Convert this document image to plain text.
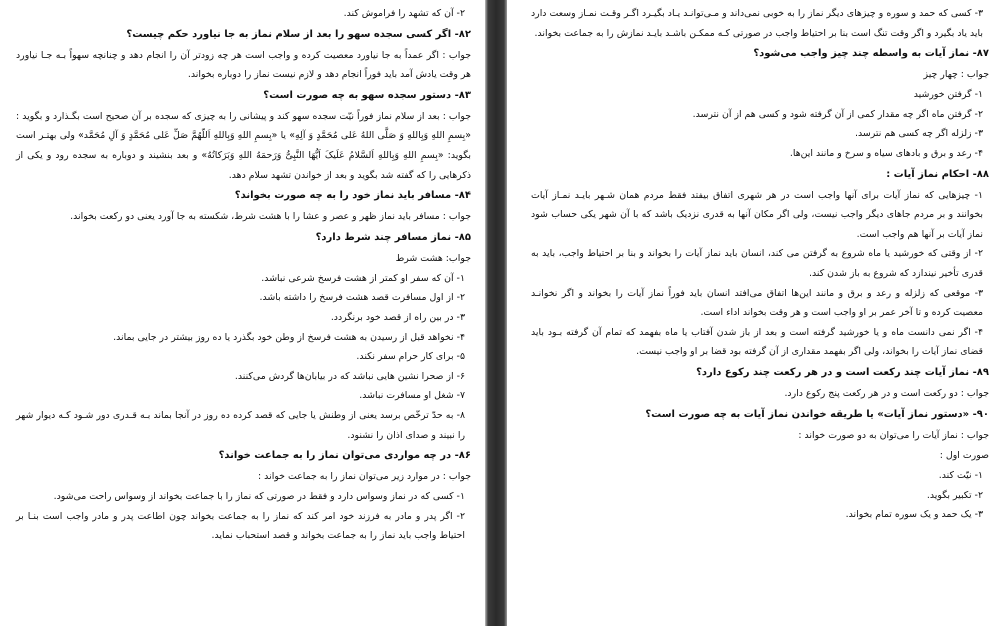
۲- آن که تشهد را فراموش کند.

۸۲- اگر کسی سجده سهو را بعد از سلام نماز به جا نیاورد حکم چیست؟

جواب : اگر عمداً به جا نیاورد معصیت کرده و واجب است هر چه زودتر آن را انجام دهد و چنانچه سهواً بـه جـا نیاورد هر وقت یادش آمد باید فوراً انجام دهد و لازم نیست نماز را دوباره بخواند.

۸۳- دستور سجده سهو به چه صورت است؟

جواب : بعد از سلام نماز فوراً نیّت سجده سهو کند و پیشانی را به چیزی که سجده بر آن صحیح است بگـذارد و بگوید : «بِسمِ اللهِ وَبِاللهِ وَ صَلَّی اللهُ عَلی مُحَمَّدٍ وَ آلِهِ» یا «بِسمِ اللهِ وَبِاللهِ اَللّهُمَّ صَلِّ عَلی مُحَمَّدٍ وَ آلِ مُحَمَّد» ولی بهتـر است بگوید: «بِسمِ اللهِ وَبِاللهِ اَلسَّلامُ عَلَیکَ اَیُّهَا النَّبِیُّ وَرَحمَهُ اللهِ وَبَرَکاتُهُ» و بعد بنشیند و دوباره به سجده رود و یکی از ذکرهایی را که گفته شد بگوید و بعد از خواندن تشهد سلام دهد.

۸۴- مسافر باید نماز خود را به چه صورت بخواند؟

جواب : مسافر باید نماز ظهر و عصر و عشا را با هشت شرط، شکسته به جا آورد یعنی دو رکعت بخواند.

۸۵- نماز مسافر چند شرط دارد؟

جواب: هشت شرط

۱- آن که سفر او کمتر از هشت فرسخ شرعی نباشد.

۲- از اول مسافرت قصد هشت فرسخ را داشته باشد.

۳- در بین راه از قصد خود برنگردد.

۴- نخواهد قبل از رسیدن به هشت فرسخ از وطن خود بگذرد یا ده روز بیشتر در جایی بماند.

۵- برای کار حرام سفر نکند.

۶- از صحرا نشین هایی نباشد که در بیابان‌ها گردش می‌کنند.

۷- شغل او مسافرت نباشد.

۸- به حدّ ترخّص برسد یعنی از وطنش یا جایی که قصد کرده ده روز در آنجا بماند بـه قـدری دور شـود کـه دیوار شهر را نبیند و صدای اذان را نشنود.

۸۶- در چه مواردی می‌توان نماز را به جماعت خواند؟

جواب : در موارد زیر می‌توان نماز را به جماعت خواند :

۱- کسی که در نماز وسواس دارد و فقط در صورتی که نماز را با جماعت بخواند از وسواس راحت می‌شود.

۲- اگر پدر و مادر به فرزند خود امر کند که نماز را به جماعت بخواند چون اطاعت پدر و مادر واجب است بنـا بر احتیاط واجب باید نماز را به جماعت بخواند و قصد استحباب نماید.

۳- کسی که حمد و سوره و چیزهای دیگر نماز را به خوبی نمی‌داند و مـی‌توانـد یـاد بگیـرد اگـر وقـت نمـاز وسعت دارد باید یاد بگیرد و اگر وقت تنگ است بنا بر احتیاط واجب در صورتی کـه ممکـن باشـد بایـد نمازش را به جماعت بخواند.

۸۷- نماز آیات به واسطه چند چیز واجب می‌شود؟

جواب : چهار چیز

۱- گرفتن خورشید

۲- گرفتن ماه اگر چه مقدار کمی از آن گرفته شود و کسی هم از آن نترسد.

۳- زلزله اگر چه کسی هم نترسد.

۴- رعد و برق و بادهای سیاه و سرخ و مانند این‌ها.

۸۸- احکام نماز آیات :

۱- چیزهایی که نماز آیات برای آنها واجب است در هر شهری اتفاق بیفتد فقط مردم همان شـهر بایـد نمـاز آیات بخوانند و بر مردم جاهای دیگر واجب نیست، ولی اگر مکان آنها به قدری نزدیک باشد که با آن شهر یکی حساب شود نماز آیات بر آنها هم واجب است.

۲- از وقتی که خورشید یا ماه شروع به گرفتن می کند، انسان باید نماز آیات را بخواند و بنا بر احتیاط واجب، باید به قدری تأخیر نیندازد که شروع به باز شدن کند.

۳- موقعی که زلزله و رعد و برق و مانند این‌ها اتفاق می‌افتد انسان باید فوراً نماز آیات را بخواند و اگر نخوانـد معصیت کرده و تا آخر عمر بر او واجب است و هر وقت بخواند اداء است.

۴- اگر نمی دانست ماه و یا خورشید گرفته است و بعد از باز شدن آفتاب یا ماه بفهمد که تمام آن گرفته بـود باید قضای نماز آیات را بخواند، ولی اگر بفهمد مقداری از آن گرفته بود قضا بر او واجب نیست.

۸۹- نماز آیات چند رکعت است و در هر رکعت چند رکوع دارد؟

جواب : دو رکعت است و در هر رکعت پنج رکوع دارد.

۹۰- «دستور نماز آیات» یا طریقه خواندن نماز آیات به چه صورت است؟

جواب : نماز آیات را می‌توان به دو صورت خواند :

صورت اول :

۱- نیّت کند.

۲- تکبیر بگوید.

۳- یک حمد و یک سوره تمام بخواند.
